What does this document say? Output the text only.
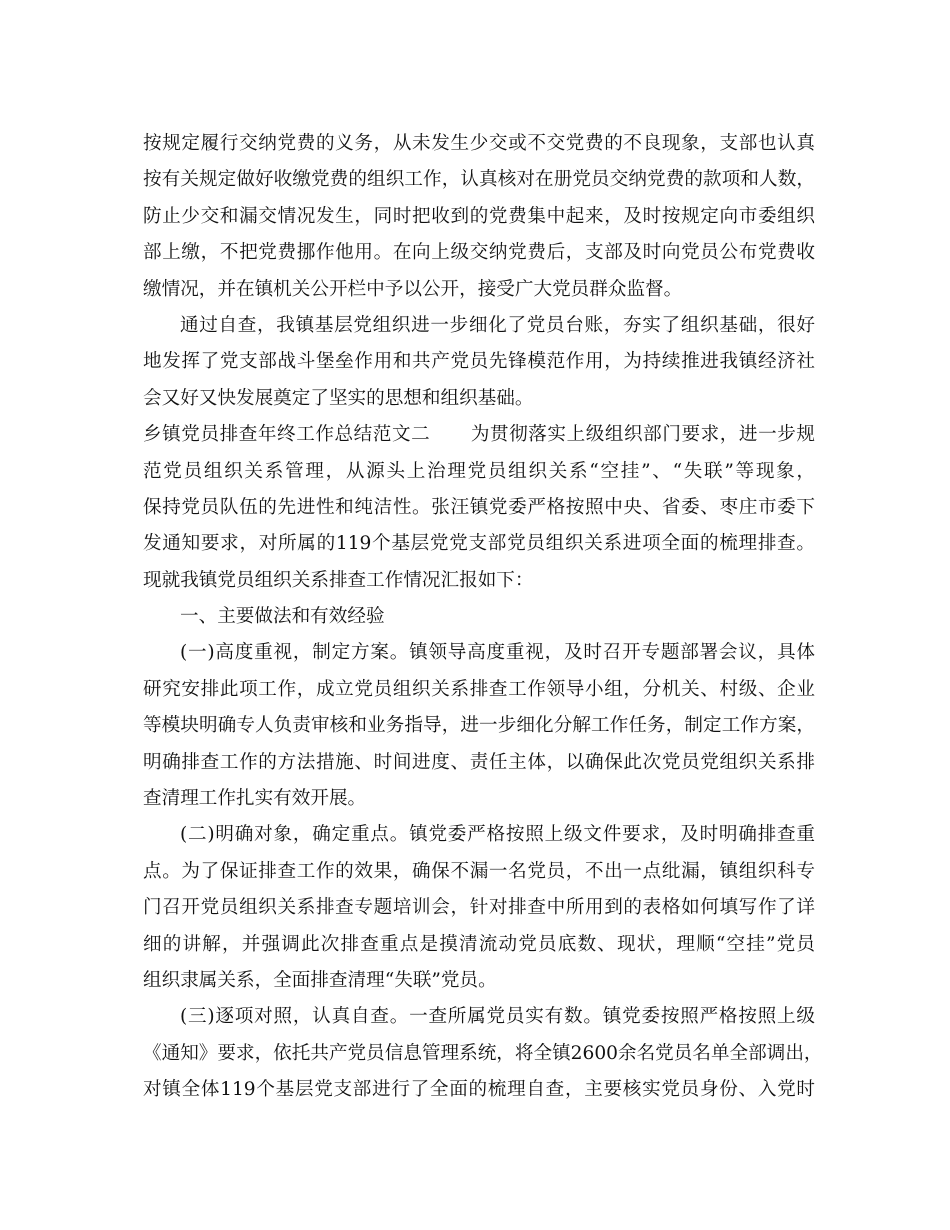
按规定履行交纳党费的义务，从未发生少交或不交党费的不良现象，支部也认真
按有关规定做好收缴党费的组织工作，认真核对在册党员交纳党费的款项和人数，
防止少交和漏交情况发生，同时把收到的党费集中起来，及时按规定向市委组织
部上缴，不把党费挪作他用。在向上级交纳党费后，支部及时向党员公布党费收
缴情况，并在镇机关公开栏中予以公开，接受广大党员群众监督。
通过自查，我镇基层党组织进一步细化了党员台账，夯实了组织基础，很好
地发挥了党支部战斗堡垒作用和共产党员先锋模范作用，为持续推进我镇经济社
会又好又快发展奠定了坚实的思想和组织基础。
乡镇党员排查年终工作总结范文二 为贯彻落实上级组织部门要求，进一步规
范党员组织关系管理，从源头上治理党员组织关系“空挂”、“失联”等现象，
保持党员队伍的先进性和纯洁性。张汪镇党委严格按照中央、省委、枣庄市委下
发通知要求，对所属的119个基层党党支部党员组织关系进项全面的梳理排查。
现就我镇党员组织关系排查工作情况汇报如下：
一、主要做法和有效经验
(一)高度重视，制定方案。镇领导高度重视，及时召开专题部署会议，具体
研究安排此项工作，成立党员组织关系排查工作领导小组，分机关、村级、企业
等模块明确专人负责审核和业务指导，进一步细化分解工作任务，制定工作方案，
明确排查工作的方法措施、时间进度、责任主体，以确保此次党员党组织关系排
查清理工作扎实有效开展。
(二)明确对象，确定重点。镇党委严格按照上级文件要求，及时明确排查重
点。为了保证排查工作的效果，确保不漏一名党员，不出一点纰漏，镇组织科专
门召开党员组织关系排查专题培训会，针对排查中所用到的表格如何填写作了详
细的讲解，并强调此次排查重点是摸清流动党员底数、现状，理顺“空挂”党员
组织隶属关系，全面排查清理“失联”党员。
(三)逐项对照，认真自查。一查所属党员实有数。镇党委按照严格按照上级
《通知》要求，依托共产党员信息管理系统，将全镇2600余名党员名单全部调出，
对镇全体119个基层党支部进行了全面的梳理自查，主要核实党员身份、入党时
